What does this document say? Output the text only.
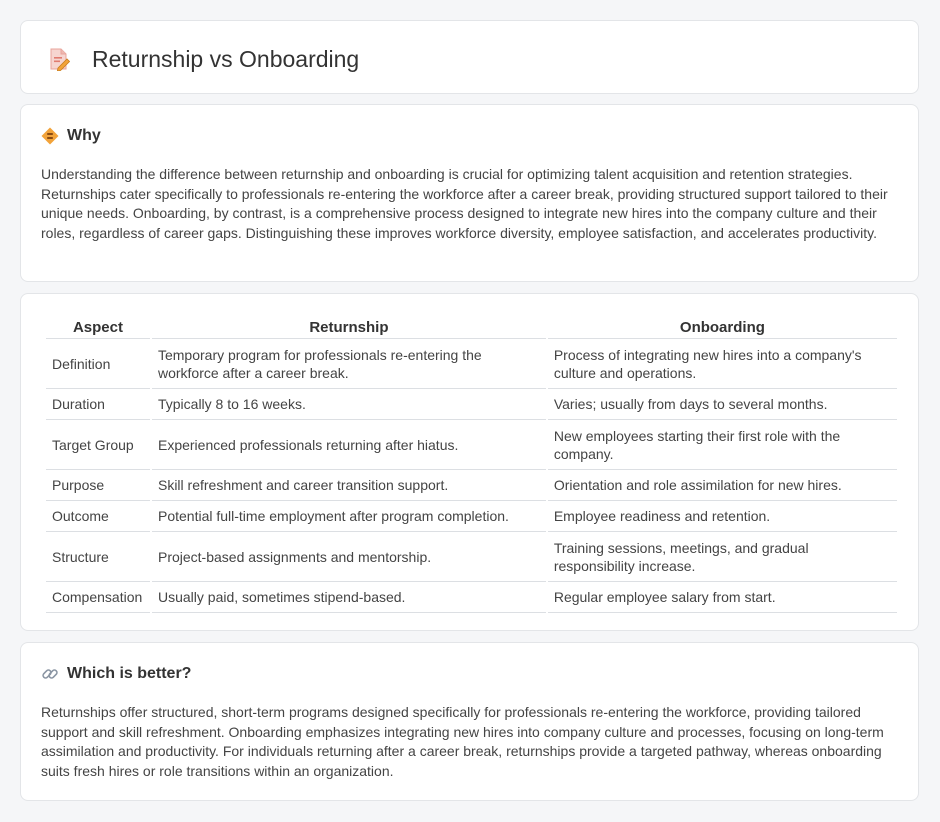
Returnship vs Onboarding
Why

Understanding the difference between returnship and onboarding is crucial for optimizing talent acquisition and retention strategies. Returnships cater specifically to professionals re-entering the workforce after a career break, providing structured support tailored to their unique needs. Onboarding, by contrast, is a comprehensive process designed to integrate new hires into the company culture and their roles, regardless of career gaps. Distinguishing these improves workforce diversity, employee satisfaction, and accelerates productivity.

Aspect	Returnship	Onboarding
Definition	Temporary program for professionals re-entering the workforce after a career break.	Process of integrating new hires into a company's culture and operations.
Duration	Typically 8 to 16 weeks.	Varies; usually from days to several months.
Target Group	Experienced professionals returning after hiatus.	New employees starting their first role with the company.
Purpose	Skill refreshment and career transition support.	Orientation and role assimilation for new hires.
Outcome	Potential full-time employment after program completion.	Employee readiness and retention.
Structure	Project-based assignments and mentorship.	Training sessions, meetings, and gradual responsibility increase.
Compensation	Usually paid, sometimes stipend-based.	Regular employee salary from start.
Which is better?

Returnships offer structured, short-term programs designed specifically for professionals re-entering the workforce, providing tailored support and skill refreshment. Onboarding emphasizes integrating new hires into company culture and processes, focusing on long-term assimilation and productivity. For individuals returning after a career break, returnships provide a targeted pathway, whereas onboarding suits fresh hires or role transitions within an organization.
